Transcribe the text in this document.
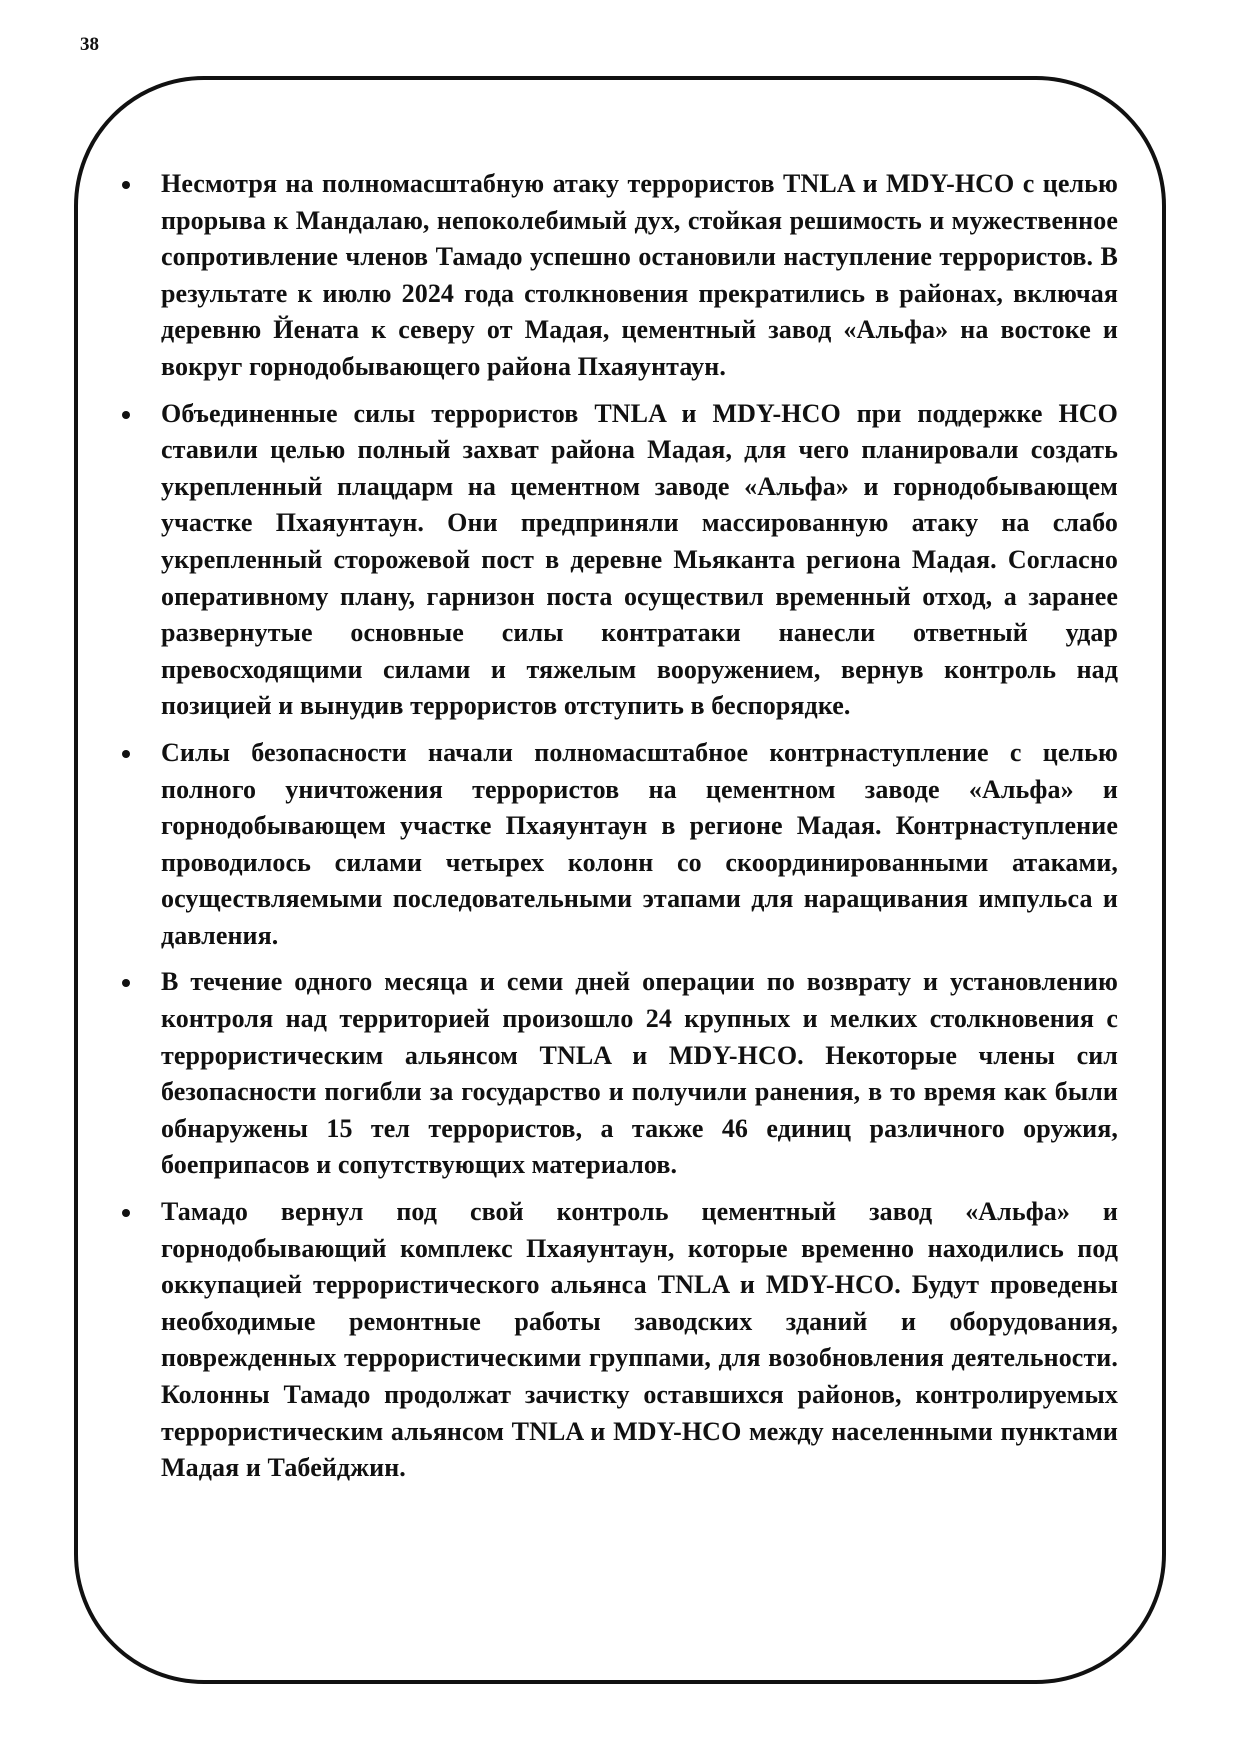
38
Несмотря на полномасштабную атаку террористов TNLA и MDY-НСО с целью прорыва к Мандалаю, непоколебимый дух, стойкая решимость и мужественное сопротивление членов Тамадо успешно остановили наступление террористов. В результате к июлю 2024 года столкновения прекратились в районах, включая деревню Йената к северу от Мадая, цементный завод «Альфа» на востоке и вокруг горнодобывающего района Пхаяунтаун.
Объединенные силы террористов TNLA и MDY-НСО при поддержке НСО ставили целью полный захват района Мадая, для чего планировали создать укрепленный плацдарм на цементном заводе «Альфа» и горнодобывающем участке Пхаяунтаун. Они предприняли массированную атаку на слабо укрепленный сторожевой пост в деревне Мьяканта региона Мадая. Согласно оперативному плану, гарнизон поста осуществил временный отход, а заранее развернутые основные силы контратаки нанесли ответный удар превосходящими силами и тяжелым вооружением, вернув контроль над позицией и вынудив террористов отступить в беспорядке.
Силы безопасности начали полномасштабное контрнаступление с целью полного уничтожения террористов на цементном заводе «Альфа» и горнодобывающем участке Пхаяунтаун в регионе Мадая. Контрнаступление проводилось силами четырех колонн со скоординированными атаками, осуществляемыми последовательными этапами для наращивания импульса и давления.
В течение одного месяца и семи дней операции по возврату и установлению контроля над территорией произошло 24 крупных и мелких столкновения с террористическим альянсом TNLA и MDY-НСО. Некоторые члены сил безопасности погибли за государство и получили ранения, в то время как были обнаружены 15 тел террористов, а также 46 единиц различного оружия, боеприпасов и сопутствующих материалов.
Тамадо вернул под свой контроль цементный завод «Альфа» и горнодобывающий комплекс Пхаяунтаун, которые временно находились под оккупацией террористического альянса TNLA и MDY-НСО. Будут проведены необходимые ремонтные работы заводских зданий и оборудования, поврежденных террористическими группами, для возобновления деятельности. Колонны Тамадо продолжат зачистку оставшихся районов, контролируемых террористическим альянсом TNLA и MDY-НСО между населенными пунктами Мадая и Табейджин.
